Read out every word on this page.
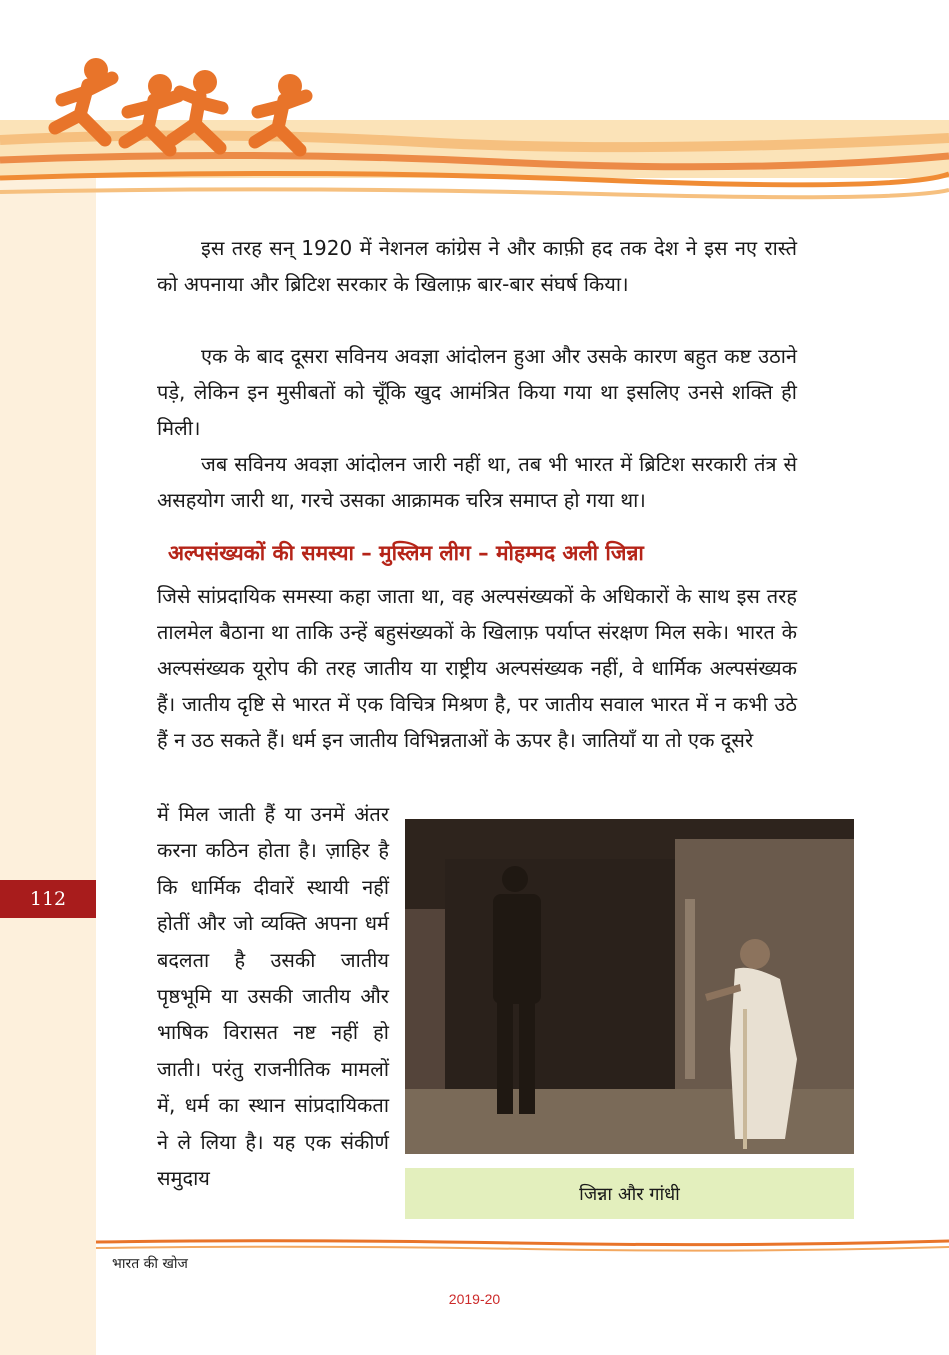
इस तरह सन् 1920 में नेशनल कांग्रेस ने और काफ़ी हद तक देश ने इस नए रास्ते को अपनाया और ब्रिटिश सरकार के खिलाफ़ बार-बार संघर्ष किया।

एक के बाद दूसरा सविनय अवज्ञा आंदोलन हुआ और उसके कारण बहुत कष्ट उठाने पड़े, लेकिन इन मुसीबतों को चूँकि खुद आमंत्रित किया गया था इसलिए उनसे शक्ति ही मिली।

जब सविनय अवज्ञा आंदोलन जारी नहीं था, तब भी भारत में ब्रिटिश सरकारी तंत्र से असहयोग जारी था, गरचे उसका आक्रामक चरित्र समाप्त हो गया था।

अल्पसंख्यकों की समस्या – मुस्लिम लीग – मोहम्मद अली जिन्ना

जिसे सांप्रदायिक समस्या कहा जाता था, वह अल्पसंख्यकों के अधिकारों के साथ इस तरह तालमेल बैठाना था ताकि उन्हें बहुसंख्यकों के खिलाफ़ पर्याप्त संरक्षण मिल सके। भारत के अल्पसंख्यक यूरोप की तरह जातीय या राष्ट्रीय अल्पसंख्यक नहीं, वे धार्मिक अल्पसंख्यक हैं। जातीय दृष्टि से भारत में एक विचित्र मिश्रण है, पर जातीय सवाल भारत में न कभी उठे हैं न उठ सकते हैं। धर्म इन जातीय विभिन्नताओं के ऊपर है। जातियाँ या तो एक दूसरे

में मिल जाती हैं या उनमें अंतर करना कठिन होता है। ज़ाहिर है कि धार्मिक दीवारें स्थायी नहीं होतीं और जो व्यक्ति अपना धर्म बदलता है उसकी जातीय पृष्ठभूमि या उसकी जातीय और भाषिक विरासत नष्ट नहीं हो जाती। परंतु राजनीतिक मामलों में, धर्म का स्थान सांप्रदायिकता ने ले लिया है। यह एक संकीर्ण समुदाय

112
जिन्ना और गांधी
भारत की खोज
2019-20
